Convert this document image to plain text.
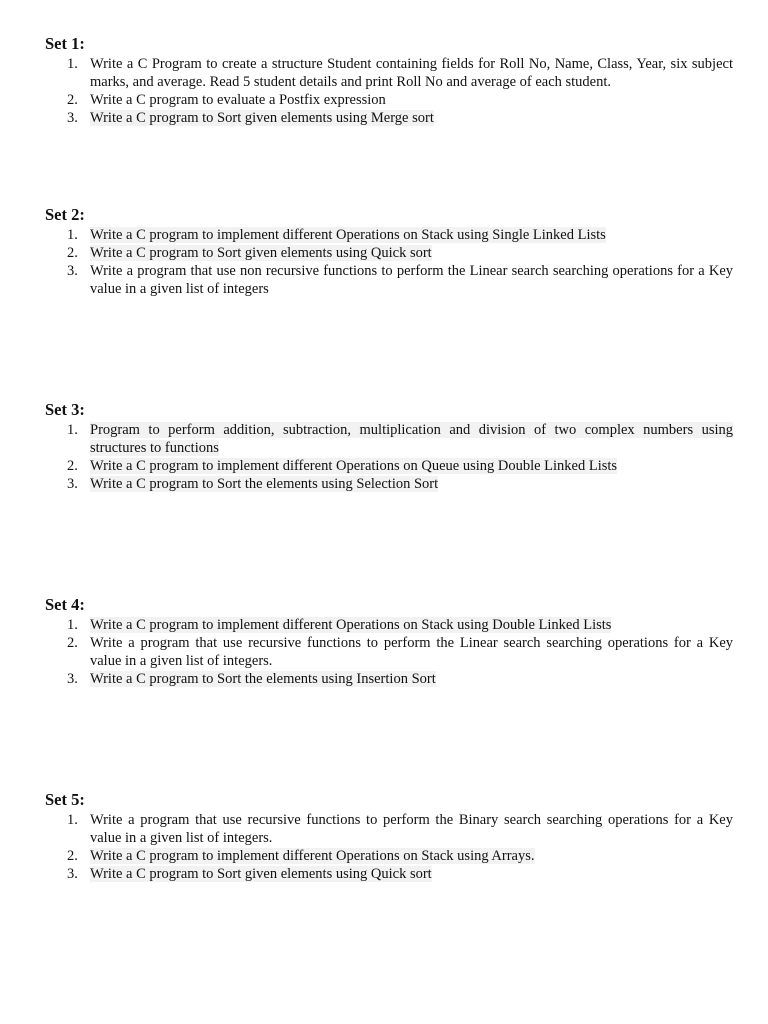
Set 1:
1. Write a C Program to create a structure Student containing fields for Roll No, Name, Class, Year, six subject marks, and average. Read 5 student details and print Roll No and average of each student.
2. Write a C program to evaluate a Postfix expression
3. Write a C program to Sort given elements using Merge sort
Set 2:
1. Write a C program to implement different Operations on Stack using Single Linked Lists
2. Write a C program to Sort given elements using Quick sort
3. Write a program that use non recursive functions to perform the Linear search searching operations for a Key value in a given list of integers
Set 3:
1. Program to perform addition, subtraction, multiplication and division of two complex numbers using structures to functions
2. Write a C program to implement different Operations on Queue using Double Linked Lists
3. Write a C program to Sort the elements using Selection Sort
Set 4:
1. Write a C program to implement different Operations on Stack using Double Linked Lists
2. Write a program that use recursive functions to perform the Linear search searching operations for a Key value in a given list of integers.
3. Write a C program to Sort the elements using Insertion Sort
Set 5:
1. Write a program that use recursive functions to perform the Binary search searching operations for a Key value in a given list of integers.
2. Write a C program to implement different Operations on Stack using Arrays.
3. Write a C program to Sort given elements using Quick sort
